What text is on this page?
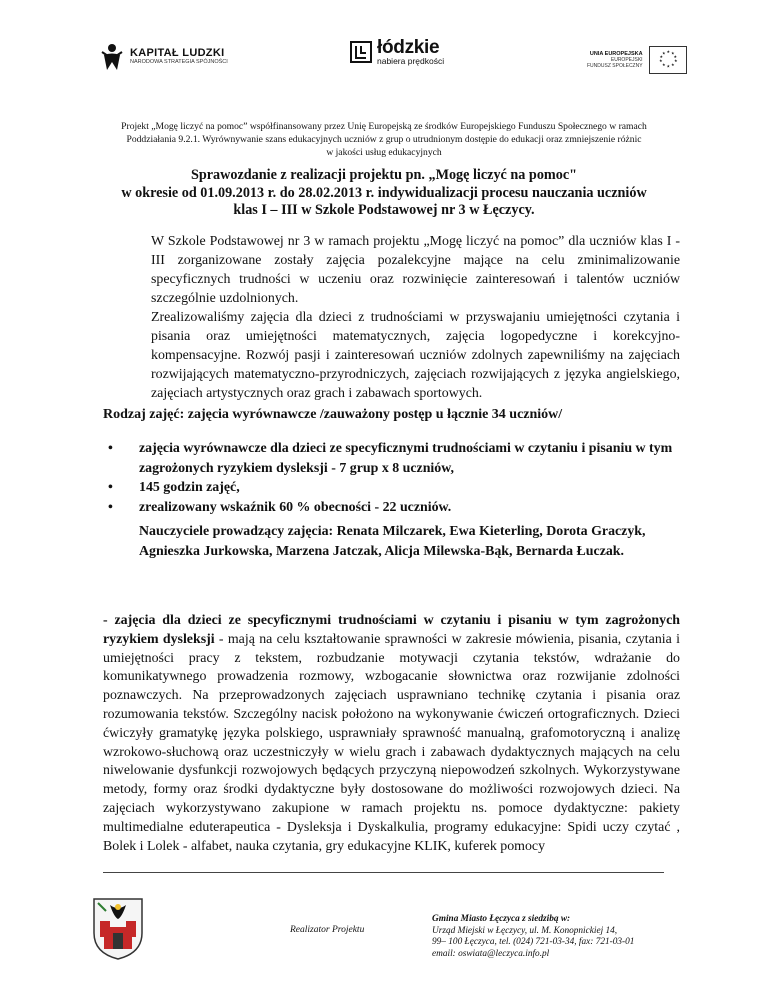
KAPITAŁ LUDZKI
NARODOWA STRATEGIA SPÓJNOŚCI
łódzkie
nabiera prędkości
UNIA EUROPEJSKA
EUROPEJSKI
FUNDUSZ SPOŁECZNY
★ ★
★
★
★
★
★
★
★
★
Projekt „Mogę liczyć na pomoc” współfinansowany przez Unię Europejską ze środków Europejskiego Funduszu Społecznego w ramach
Poddziałania 9.2.1. Wyrównywanie szans edukacyjnych uczniów z grup o utrudnionym dostępie do edukacji oraz zmniejszenie różnic
w jakości usług edukacyjnych
Sprawozdanie z realizacji projektu pn. „Mogę liczyć na pomoc"
w okresie od 01.09.2013 r. do 28.02.2013 r. indywidualizacji procesu nauczania uczniów
klas I – III w Szkole Podstawowej nr 3 w Łęczycy.
W Szkole Podstawowej nr 3 w ramach projektu „Mogę liczyć na pomoc” dla uczniów klas I - III zorganizowane zostały zajęcia pozalekcyjne mające na celu zminimalizowanie specyficznych trudności w uczeniu oraz rozwinięcie zainteresowań i talentów uczniów szczególnie uzdolnionych.
Zrealizowaliśmy zajęcia dla dzieci z trudnościami w przyswajaniu umiejętności czytania i pisania oraz umiejętności matematycznych, zajęcia logopedyczne i korekcyjno-kompensacyjne. Rozwój pasji i zainteresowań uczniów zdolnych zapewniliśmy na zajęciach rozwijających matematyczno-przyrodniczych, zajęciach rozwijających z języka angielskiego, zajęciach artystycznych oraz grach i zabawach sportowych.
Rodzaj zajęć: zajęcia wyrównawcze /zauważony postęp u łącznie 34 uczniów/
• zajęcia wyrównawcze dla dzieci ze specyficznymi trudnościami w czytaniu i pisaniu w tym zagrożonych ryzykiem dysleksji - 7 grup x 8 uczniów,
• 145 godzin zajęć,
• zrealizowany wskaźnik 60 % obecności - 22 uczniów.
Nauczyciele prowadzący zajęcia: Renata Milczarek, Ewa Kieterling, Dorota Graczyk, Agnieszka Jurkowska, Marzena Jatczak, Alicja Milewska-Bąk, Bernarda Łuczak.
- zajęcia dla dzieci ze specyficznymi trudnościami w czytaniu i pisaniu w tym zagrożonych ryzykiem dysleksji - mają na celu kształtowanie sprawności w zakresie mówienia, pisania, czytania i umiejętności pracy z tekstem, rozbudzanie motywacji czytania tekstów, wdrażanie do komunikatywnego prowadzenia rozmowy, wzbogacanie słownictwa oraz rozwijanie zdolności poznawczych. Na przeprowadzonych zajęciach usprawniano technikę czytania i pisania oraz rozumowania tekstów. Szczególny nacisk położono na wykonywanie ćwiczeń ortograficznych. Dzieci ćwiczyły gramatykę języka polskiego, usprawniały sprawność manualną, grafomotoryczną i analizę wzrokowo-słuchową oraz uczestniczyły w wielu grach i zabawach dydaktycznych mających na celu niwelowanie dysfunkcji rozwojowych będących przyczyną niepowodzeń szkolnych. Wykorzystywane metody, formy oraz środki dydaktyczne były dostosowane do możliwości rozwojowych dzieci. Na zajęciach wykorzystywano zakupione w ramach projektu ns. pomoce dydaktyczne: pakiety multimedialne eduterapeutica - Dysleksja i Dyskalkulia, programy edukacyjne: Spidi uczy czytać , Bolek i Lolek - alfabet, nauka czytania, gry edukacyjne KLIK, kuferek pomocy
Realizator Projektu
Gmina Miasto Łęczyca z siedzibą w:
Urząd Miejski w Łęczycy, ul. M. Konopnickiej 14,
99– 100 Łęczyca, tel. (024) 721-03-34, fax: 721-03-01
email: oswiata@leczyca.info.pl
